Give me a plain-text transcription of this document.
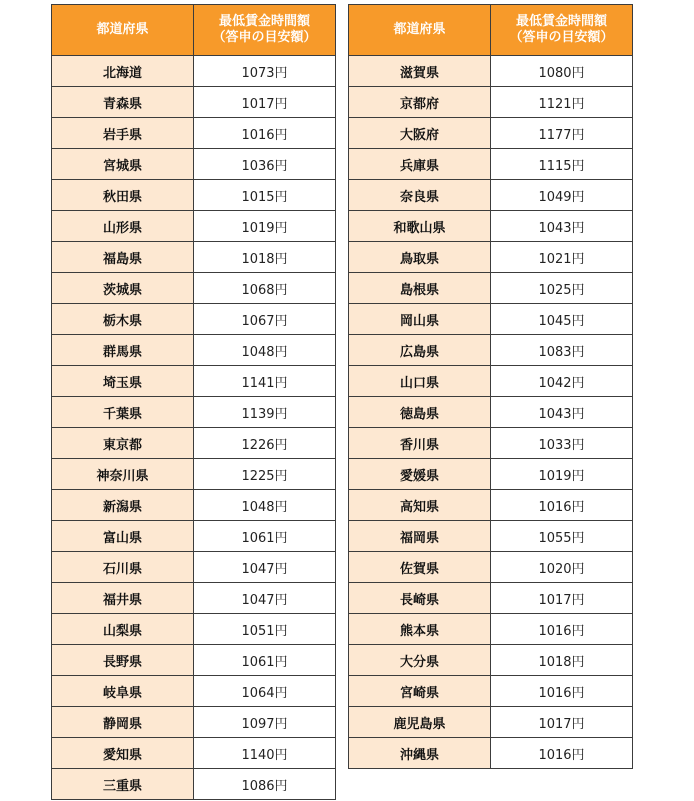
都道府県	最低賃金時間額
（答申の目安額）

北海道	1073円
青森県	1017円
岩手県	1016円
宮城県	1036円
秋田県	1015円
山形県	1019円
福島県	1018円
茨城県	1068円
栃木県	1067円
群馬県	1048円
埼玉県	1141円
千葉県	1139円
東京都	1226円
神奈川県	1225円
新潟県	1048円
富山県	1061円
石川県	1047円
福井県	1047円
山梨県	1051円
長野県	1061円
岐阜県	1064円
静岡県	1097円
愛知県	1140円
三重県	1086円
都道府県	最低賃金時間額
（答申の目安額）

滋賀県	1080円
京都府	1121円
大阪府	1177円
兵庫県	1115円
奈良県	1049円
和歌山県	1043円
鳥取県	1021円
島根県	1025円
岡山県	1045円
広島県	1083円
山口県	1042円
徳島県	1043円
香川県	1033円
愛媛県	1019円
高知県	1016円
福岡県	1055円
佐賀県	1020円
長崎県	1017円
熊本県	1016円
大分県	1018円
宮崎県	1016円
鹿児島県	1017円
沖縄県	1016円
